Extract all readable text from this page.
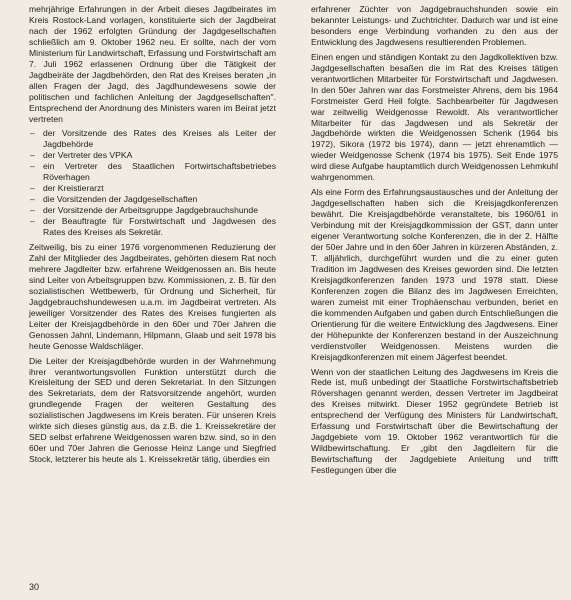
mehrjährige Erfahrungen in der Arbeit dieses Jagdbeirates im Kreis Rostock-Land vorlagen, konstituierte sich der Jagdbeirat nach der 1962 erfolgten Gründung der Jagdgesellschaften schließlich am 9. Oktober 1962 neu. Er sollte, nach der vom Ministerium für Landwirtschaft, Erfassung und Forstwirtschaft am 7. Juli 1962 erlassenen Ordnung über die Tätigkeit der Jagdbeiräte der Jagdbehörden, den Rat des Kreises beraten „in allen Fragen der Jagd, des Jagdhundewesens sowie der politischen und fachlichen Anleitung der Jagdgesellschaften". Entsprechend der Anordnung des Ministers waren im Beirat jetzt vertreten

– der Vorsitzende des Rates des Kreises als Leiter der Jagdbehörde
– der Vertreter des VPKA
– ein Vertreter des Staatlichen Fortwirtschaftsbetriebes Röverhagen
– der Kreistierarzt
– die Vorsitzenden der Jagdgesellschaften
– der Vorsitzende der Arbeitsgruppe Jagdgebrauchshunde
– der Beauftragte für Forstwirtschaft und Jagdwesen des Rates des Kreises als Sekretär.

Zeitweilig, bis zu einer 1976 vorgenommenen Reduzierung der Zahl der Mitglieder des Jagdbeirates, gehörten diesem Rat noch mehrere Jagdleiter bzw. erfahrene Weidgenossen an. Bis heute sind Leiter von Arbeitsgruppen bzw. Kommissionen, z. B. für den sozialistischen Wettbewerb, für Ordnung und Sicherheit, für Jagdgebrauchshundewesen u.a.m. im Jagdbeirat vertreten. Als jeweiliger Vorsitzender des Rates des Kreises fungierten als Leiter der Kreisjagdbehörde in den 60er und 70er Jahren die Genossen Jahnl, Lindemann, Hilpmann, Glaab und seit 1978 bis heute Genosse Waldschläger.

Die Leiter der Kreisjagdbehörde wurden in der Wahrnehmung ihrer verantwortungsvollen Funktion unterstützt durch die Kreisleitung der SED und deren Sekretariat. In den Sitzungen des Sekretariats, dem der Ratsvorsitzende angehört, wurden grundlegende Fragen der weiteren Gestaltung des sozialistischen Jagdwesens im Kreis beraten. Für unseren Kreis wirkte sich dieses günstig aus, da z.B. die 1. Kreissekretäre der SED selbst erfahrene Weidgenossen waren bzw. sind, so in den 60er und 70er Jahren die Genosse Heinz Lange und Siegfried Stock, letzterer bis heute als 1. Kreissekretär tätig, überdies ein

erfahrener Züchter von Jagdgebrauchshunden sowie ein bekannter Leistungs- und Zuchtrichter. Dadurch war und ist eine besonders enge Verbindung vorhanden zu den aus der Entwicklung des Jagdwesens resultierenden Problemen.

Einen engen und ständigen Kontakt zu den Jagdkollektiven bzw. Jagdgesellschaften besaßen die im Rat des Kreises tätigen verantwortlichen Mitarbeiter für Forstwirtschaft und Jagdwesen. In den 50er Jahren war das Forstmeister Ahrens, dem bis 1964 Forstmeister Gerd Heil folgte. Sachbearbeiter für Jagdwesen war zeitweilig Weidgenosse Rewoldt. Als verantwortlicher Mitarbeiter für das Jagdwesen und als Sekretär der Jagdbehörde wirkten die Weidgenossen Schenk (1964 bis 1972), Sikora (1972 bis 1974), dann — jetzt ehrenamtlich — wieder Weidgenosse Schenk (1974 bis 1975). Seit Ende 1975 wird diese Aufgabe hauptamtlich durch Weidgenossen Lehmkuhl wahrgenommen.

Als eine Form des Erfahrungsaustausches und der Anleitung der Jagdgesellschaften haben sich die Kreisjagdkonferenzen bewährt. Die Kreisjagdbehörde veranstaltete, bis 1960/61 in Verbindung mit der Kreisjagdkommission der GST, dann unter eigener Verantwortung solche Konferenzen, die in der 2. Hälfte der 50er Jahre und in den 60er Jahren in kürzeren Abständen, z. T. alljährlich, durchgeführt wurden und die zu einer guten Tradition im Jagdwesen des Kreises geworden sind. Die letzten Kreisjagdkonferenzen fanden 1973 und 1978 statt. Diese Konferenzen zogen die Bilanz des im Jagdwesen Erreichten, waren zumeist mit einer Trophäenschau verbunden, beriet en die kommenden Aufgaben und gaben durch Entschließungen die Orientierung für die weitere Entwicklung des Jagdwesens. Einer der Höhepunkte der Konferenzen bestand in der Auszeichnung verdienstvoller Weidgenossen. Meistens wurden die Kreisjagdkonferenzen mit einem Jägerfest beendet.

Wenn von der staatlichen Leitung des Jagdwesens im Kreis die Rede ist, muß unbedingt der Staatliche Forstwirtschaftsbetrieb Rövershagen genannt werden, dessen Vertreter im Jagdbeirat des Kreises mitwirkt. Dieser 1952 gegründete Betrieb ist entsprechend der Verfügung des Ministers für Landwirtschaft, Erfassung und Forstwirtschaft über die Bewirtschaftung der Jagdgebiete vom 19. Oktober 1962 verantwortlich für die Wildbewirtschaftung. Er „gibt den Jagdleitern für die Bewirtschaftung der Jagdgebiete Anleitung und trifft Festlegungen über die

30
